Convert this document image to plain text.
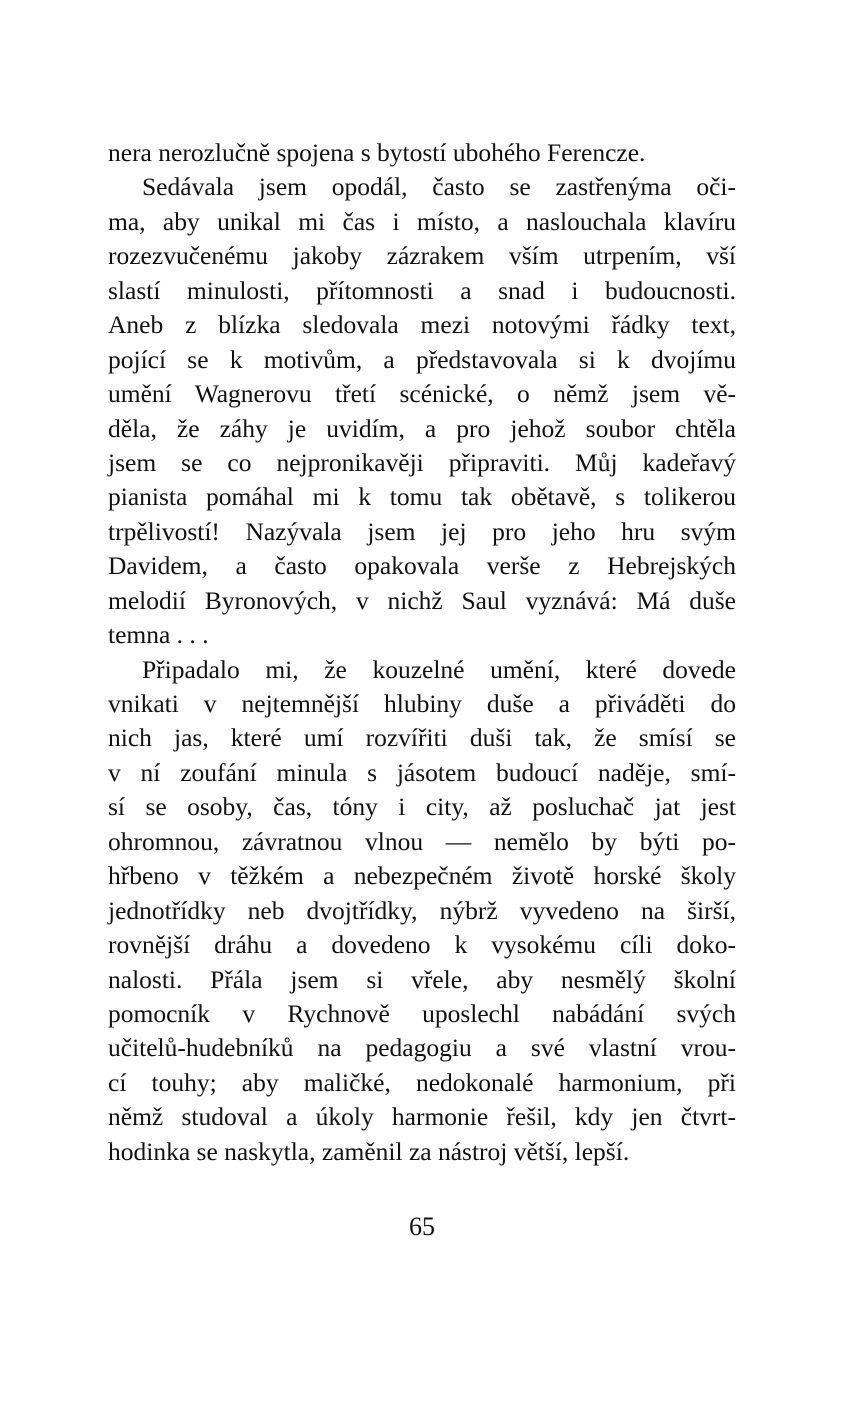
nera nerozlučně spojena s bytostí ubohého Ferencze.
Sedávala jsem opodál, často se zastřenýma oči-
ma, aby unikal mi čas i místo, a naslouchala klavíru
rozezvučenému jakoby zázrakem vším utrpením, vší
slastí minulosti, přítomnosti a snad i budoucnosti.
Aneb z blízka sledovala mezi notovými řádky text,
pojící se k motivům, a představovala si k dvojímu
umění Wagnerovu třetí scénické, o němž jsem vě-
děla, že záhy je uvidím, a pro jehož soubor chtěla
jsem se co nejpronikavěji připraviti. Můj kadeřavý
pianista pomáhal mi k tomu tak obětavě, s tolikerou
trpělivostí! Nazývala jsem jej pro jeho hru svým
Davidem, a často opakovala verše z Hebrejských
melodií Byronových, v nichž Saul vyznává: Má duše
temna . . .
Připadalo mi, že kouzelné umění, které dovede
vnikati v nejtemnější hlubiny duše a přiváděti do
nich jas, které umí rozvířiti duši tak, že smísí se
v ní zoufání minula s jásotem budoucí naděje, smí-
sí se osoby, čas, tóny i city, až posluchač jat jest
ohromnou, závratnou vlnou — nemělo by býti po-
hřbeno v těžkém a nebezpečném životě horské školy
jednotřídky neb dvojtřídky, nýbrž vyvedeno na širší,
rovnější dráhu a dovedeno k vysokému cíli doko-
nalosti. Přála jsem si vřele, aby nesmělý školní
pomocník v Rychnově uposlechl nabádání svých
učitelů-hudebníků na pedagogiu a své vlastní vrou-
cí touhy; aby maličké, nedokonalé harmonium, při
němž studoval a úkoly harmonie řešil, kdy jen čtvrt-
hodinka se naskytla, zaměnil za nástroj větší, lepší.
65
